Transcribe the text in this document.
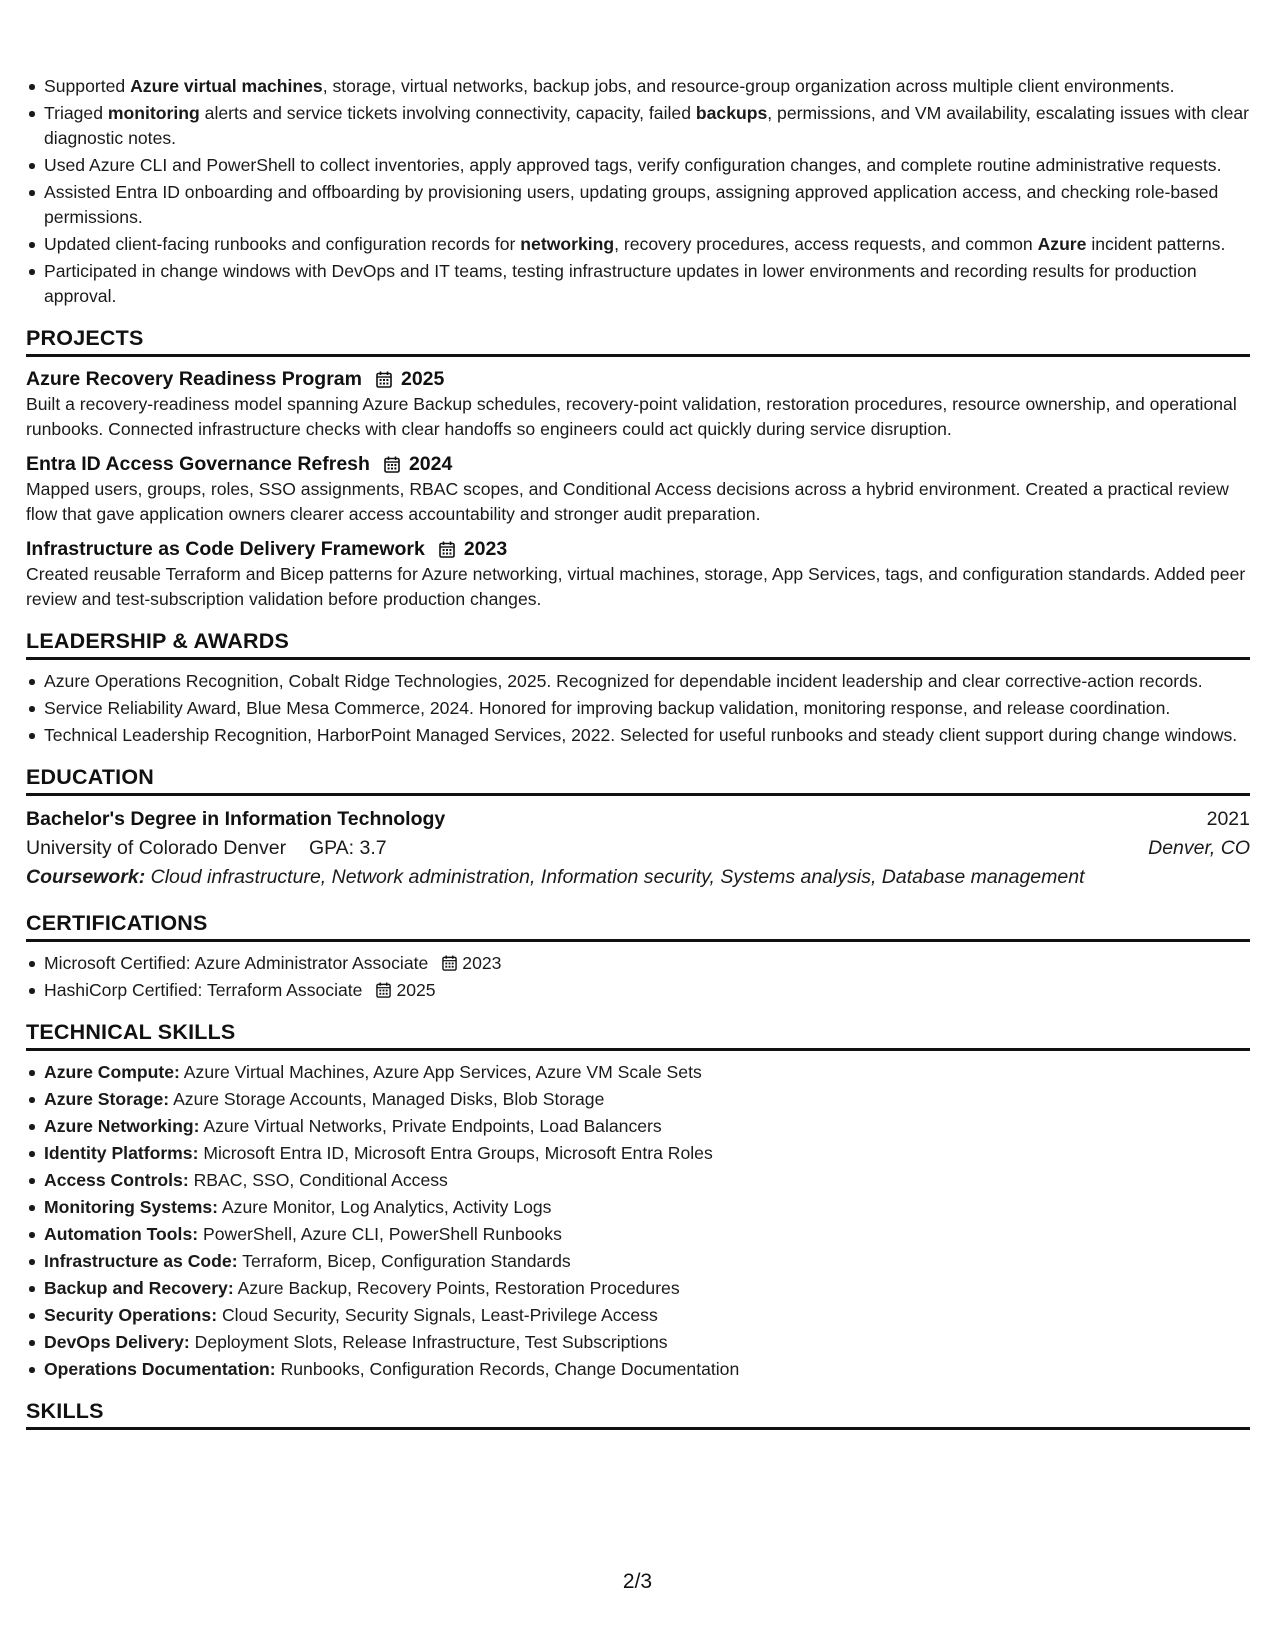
Supported Azure virtual machines, storage, virtual networks, backup jobs, and resource-group organization across multiple client environments.
Triaged monitoring alerts and service tickets involving connectivity, capacity, failed backups, permissions, and VM availability, escalating issues with clear diagnostic notes.
Used Azure CLI and PowerShell to collect inventories, apply approved tags, verify configuration changes, and complete routine administrative requests.
Assisted Entra ID onboarding and offboarding by provisioning users, updating groups, assigning approved application access, and checking role-based permissions.
Updated client-facing runbooks and configuration records for networking, recovery procedures, access requests, and common Azure incident patterns.
Participated in change windows with DevOps and IT teams, testing infrastructure updates in lower environments and recording results for production approval.
PROJECTS
Azure Recovery Readiness Program 2025
Built a recovery-readiness model spanning Azure Backup schedules, recovery-point validation, restoration procedures, resource ownership, and operational runbooks. Connected infrastructure checks with clear handoffs so engineers could act quickly during service disruption.
Entra ID Access Governance Refresh 2024
Mapped users, groups, roles, SSO assignments, RBAC scopes, and Conditional Access decisions across a hybrid environment. Created a practical review flow that gave application owners clearer access accountability and stronger audit preparation.
Infrastructure as Code Delivery Framework 2023
Created reusable Terraform and Bicep patterns for Azure networking, virtual machines, storage, App Services, tags, and configuration standards. Added peer review and test-subscription validation before production changes.
LEADERSHIP & AWARDS
Azure Operations Recognition, Cobalt Ridge Technologies, 2025. Recognized for dependable incident leadership and clear corrective-action records.
Service Reliability Award, Blue Mesa Commerce, 2024. Honored for improving backup validation, monitoring response, and release coordination.
Technical Leadership Recognition, HarborPoint Managed Services, 2022. Selected for useful runbooks and steady client support during change windows.
EDUCATION
Bachelor's Degree in Information Technology	2021
University of Colorado Denver GPA: 3.7	Denver, CO
Coursework: Cloud infrastructure, Network administration, Information security, Systems analysis, Database management
CERTIFICATIONS
Microsoft Certified: Azure Administrator Associate 2023
HashiCorp Certified: Terraform Associate 2025
TECHNICAL SKILLS
Azure Compute: Azure Virtual Machines, Azure App Services, Azure VM Scale Sets
Azure Storage: Azure Storage Accounts, Managed Disks, Blob Storage
Azure Networking: Azure Virtual Networks, Private Endpoints, Load Balancers
Identity Platforms: Microsoft Entra ID, Microsoft Entra Groups, Microsoft Entra Roles
Access Controls: RBAC, SSO, Conditional Access
Monitoring Systems: Azure Monitor, Log Analytics, Activity Logs
Automation Tools: PowerShell, Azure CLI, PowerShell Runbooks
Infrastructure as Code: Terraform, Bicep, Configuration Standards
Backup and Recovery: Azure Backup, Recovery Points, Restoration Procedures
Security Operations: Cloud Security, Security Signals, Least-Privilege Access
DevOps Delivery: Deployment Slots, Release Infrastructure, Test Subscriptions
Operations Documentation: Runbooks, Configuration Records, Change Documentation
SKILLS
2/3
